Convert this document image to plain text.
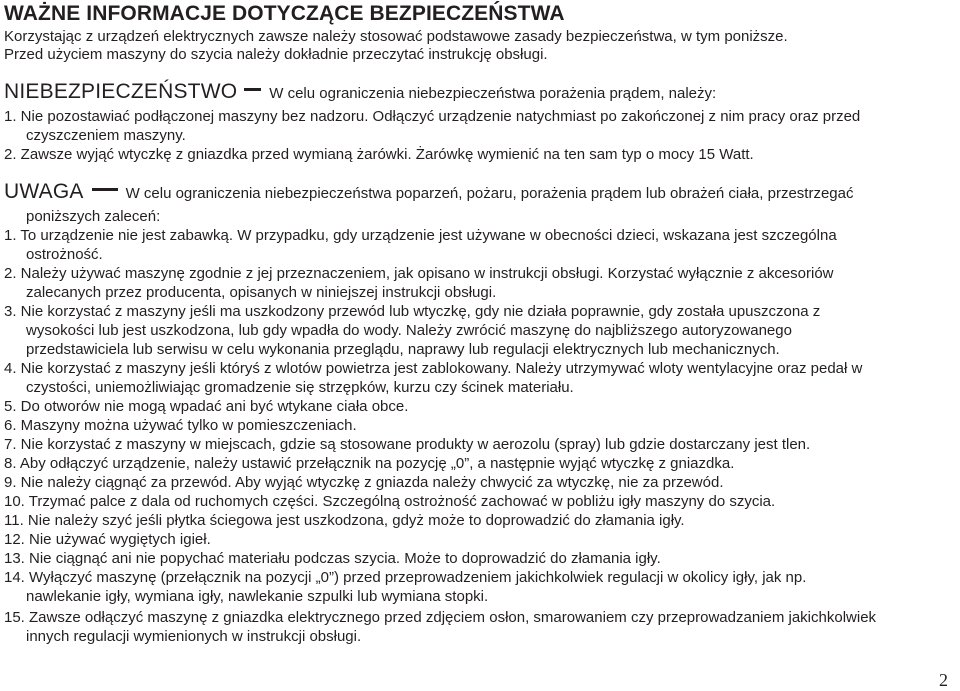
WAŻNE INFORMACJE DOTYCZĄCE BEZPIECZEŃSTWA
Korzystając z urządzeń elektrycznych zawsze należy stosować podstawowe zasady bezpieczeństwa, w tym poniższe.
Przed użyciem maszyny do szycia należy dokładnie przeczytać instrukcję obsługi.
NIEBEZPIECZEŃSTWO W celu ograniczenia niebezpieczeństwa porażenia prądem, należy:
1. Nie pozostawiać podłączonej maszyny bez nadzoru. Odłączyć urządzenie natychmiast po zakończonej z nim pracy oraz przed
czyszczeniem maszyny.
2. Zawsze wyjąć wtyczkę z gniazdka przed wymianą żarówki. Żarówkę wymienić na ten sam typ o mocy 15 Watt.
UWAGA	W celu ograniczenia niebezpieczeństwa poparzeń, pożaru, porażenia prądem lub obrażeń ciała, przestrzegać
poniższych zaleceń:
1. To urządzenie nie jest zabawką. W przypadku, gdy urządzenie jest używane w obecności dzieci, wskazana jest szczególna
ostrożność.
2. Należy używać maszynę zgodnie z jej przeznaczeniem, jak opisano w instrukcji obsługi. Korzystać wyłącznie z akcesoriów
zalecanych przez producenta, opisanych w niniejszej instrukcji obsługi.
3. Nie korzystać z maszyny jeśli ma uszkodzony przewód lub wtyczkę, gdy nie działa poprawnie, gdy została upuszczona z
wysokości lub jest uszkodzona, lub gdy wpadła do wody. Należy zwrócić maszynę do najbliższego autoryzowanego
przedstawiciela lub serwisu w celu wykonania przeglądu, naprawy lub regulacji elektrycznych lub mechanicznych.
4. Nie korzystać z maszyny jeśli któryś z wlotów powietrza jest zablokowany. Należy utrzymywać wloty wentylacyjne oraz pedał w
czystości, uniemożliwiając gromadzenie się strzępków, kurzu czy ścinek materiału.
5. Do otworów nie mogą wpadać ani być wtykane ciała obce.
6. Maszyny można używać tylko w pomieszczeniach.
7. Nie korzystać z maszyny w miejscach, gdzie są stosowane produkty w aerozolu (spray) lub gdzie dostarczany jest tlen.
8. Aby odłączyć urządzenie, należy ustawić przełącznik na pozycję „0”, a następnie wyjąć wtyczkę z gniazdka.
9. Nie należy ciągnąć za przewód. Aby wyjąć wtyczkę z gniazda należy chwycić za wtyczkę, nie za przewód.
10. Trzymać palce z dala od ruchomych części. Szczególną ostrożność zachować w pobliżu igły maszyny do szycia.
11. Nie należy szyć jeśli płytka ściegowa jest uszkodzona, gdyż może to doprowadzić do złamania igły.
12. Nie używać wygiętych igieł.
13. Nie ciągnąć ani nie popychać materiału podczas szycia. Może to doprowadzić do złamania igły.
14. Wyłączyć maszynę (przełącznik na pozycji „0”) przed przeprowadzeniem jakichkolwiek regulacji w okolicy igły, jak np.
nawlekanie igły, wymiana igły, nawlekanie szpulki lub wymiana stopki.
15. Zawsze odłączyć maszynę z gniazdka elektrycznego przed zdjęciem osłon, smarowaniem czy przeprowadzaniem jakichkolwiek
innych regulacji wymienionych w instrukcji obsługi.
2
